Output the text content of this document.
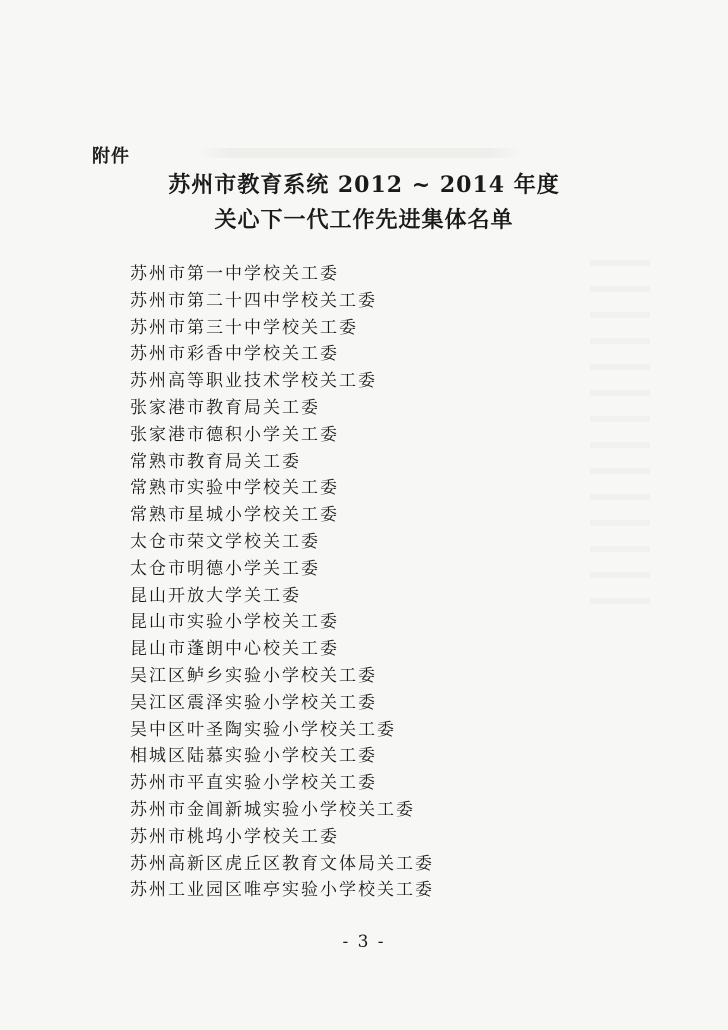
附件
苏州市教育系统 2012 ~ 2014 年度
关心下一代工作先进集体名单
苏州市第一中学校关工委
苏州市第二十四中学校关工委
苏州市第三十中学校关工委
苏州市彩香中学校关工委
苏州高等职业技术学校关工委
张家港市教育局关工委
张家港市德积小学关工委
常熟市教育局关工委
常熟市实验中学校关工委
常熟市星城小学校关工委
太仓市荣文学校关工委
太仓市明德小学关工委
昆山开放大学关工委
昆山市实验小学校关工委
昆山市蓬朗中心校关工委
吴江区鲈乡实验小学校关工委
吴江区震泽实验小学校关工委
吴中区叶圣陶实验小学校关工委
相城区陆慕实验小学校关工委
苏州市平直实验小学校关工委
苏州市金阊新城实验小学校关工委
苏州市桃坞小学校关工委
苏州高新区虎丘区教育文体局关工委
苏州工业园区唯亭实验小学校关工委
- 3 -
